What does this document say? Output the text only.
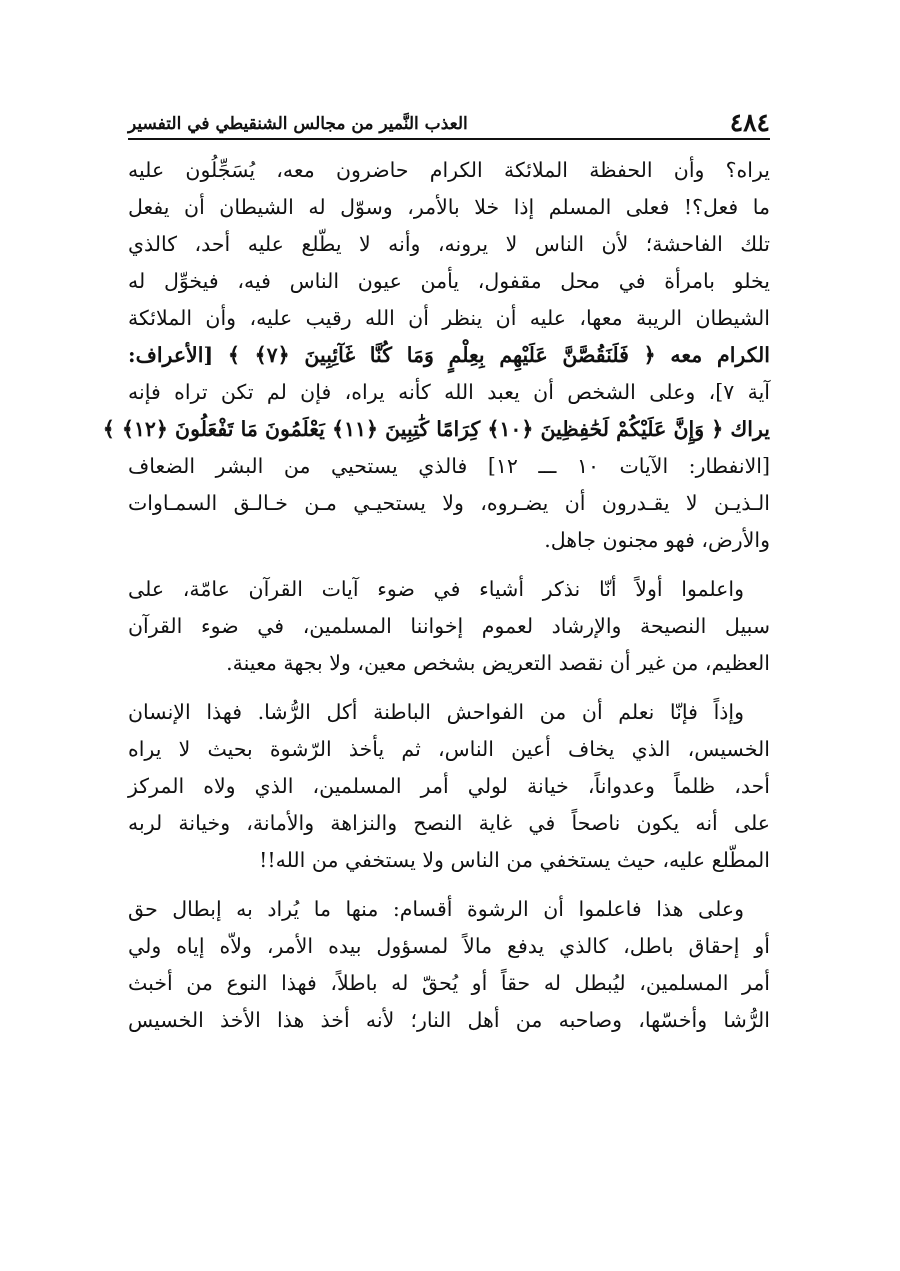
٤٨٤
العذب النَّمير من مجالس الشنقيطي في التفسير
يراه؟ وأن الحفظة الملائكة الكرام حاضرون معه، يُسَجِّلُون عليه
ما فعل؟! فعلى المسلم إذا خلا بالأمر، وسوّل له الشيطان أن يفعل
تلك الفاحشة؛ لأن الناس لا يرونه، وأنه لا يطّلع عليه أحد، كالذي
يخلو بامرأة في محل مقفول، يأمن عيون الناس فيه، فيخوِّل له
الشيطان الريبة معها، عليه أن ينظر أن الله رقيب عليه، وأن الملائكة
الكرام معه ﴿ فَلَنَقُصَّنَّ عَلَيْهِم بِعِلْمٍ وَمَا كُنَّا غَآئِبِينَ ﴿٧﴾ ﴾ [الأعراف:
آية ٧]، وعلى الشخص أن يعبد الله كأنه يراه، فإن لم تكن تراه فإنه
يراك ﴿ وَإِنَّ عَلَيْكُمْ لَحَٰفِظِينَ ﴿١٠﴾ كِرَامًا كَٰتِبِينَ ﴿١١﴾ يَعْلَمُونَ مَا تَفْعَلُونَ ﴿١٢﴾ ﴾
[الانفطار: الآيات ١٠ ـــ ١٢] فالذي يستحيي من البشر الضعاف
الـذيـن لا يقـدرون أن يضـروه، ولا يستحيـي مـن خـالـق السمـاوات
والأرض، فهو مجنون جاهل.
واعلموا أولاً أنّا نذكر أشياء في ضوء آيات القرآن عامّة، على
سبيل النصيحة والإرشاد لعموم إخواننا المسلمين، في ضوء القرآن
العظيم، من غير أن نقصد التعريض بشخص معين، ولا بجهة معينة.
وإذاً فإنّا نعلم أن من الفواحش الباطنة أكل الرُّشا. فهذا الإنسان
الخسيس، الذي يخاف أعين الناس، ثم يأخذ الرّشوة بحيث لا يراه
أحد، ظلماً وعدواناً، خيانة لولي أمر المسلمين، الذي ولاه المركز
على أنه يكون ناصحاً في غاية النصح والنزاهة والأمانة، وخيانة لربه
المطّلع عليه، حيث يستخفي من الناس ولا يستخفي من الله!!
وعلى هذا فاعلموا أن الرشوة أقسام: منها ما يُراد به إبطال حق
أو إحقاق باطل، كالذي يدفع مالاً لمسؤول بيده الأمر، ولاّه إياه ولي
أمر المسلمين، ليُبطل له حقاً أو يُحقّ له باطلاً، فهذا النوع من أخبث
الرُّشا وأخسّها، وصاحبه من أهل النار؛ لأنه أخذ هذا الأخذ الخسيس
